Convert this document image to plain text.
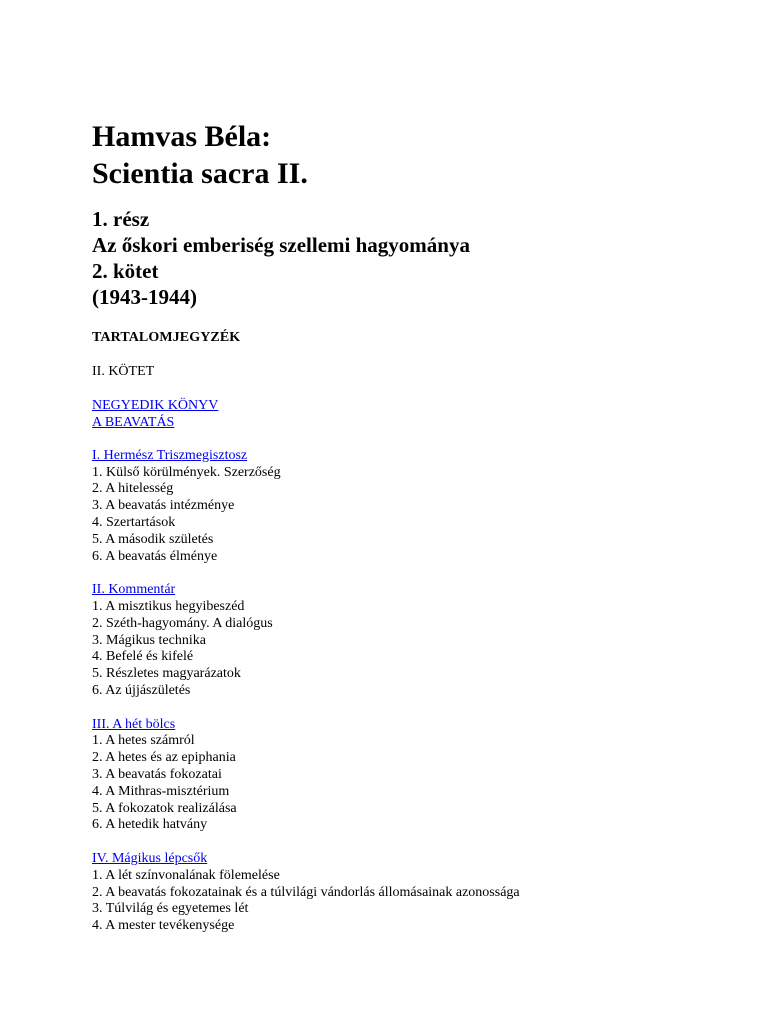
Hamvas Béla:
Scientia sacra II.
1. rész
Az őskori emberiség szellemi hagyománya
2. kötet
(1943-1944)
TARTALOMJEGYZÉK
II. KÖTET
NEGYEDIK KÖNYV
A BEAVATÁS
I. Hermész Triszmegisztosz
1. Külső körülmények. Szerzőség
2. A hitelesség
3. A beavatás intézménye
4. Szertartások
5. A második születés
6. A beavatás élménye
II. Kommentár
1. A misztikus hegyibeszéd
2. Széth-hagyomány. A dialógus
3. Mágikus technika
4. Befelé és kifelé
5. Részletes magyarázatok
6. Az újjászületés
III. A hét bölcs
1. A hetes számról
2. A hetes és az epiphania
3. A beavatás fokozatai
4. A Mithras-misztérium
5. A fokozatok realizálása
6. A hetedik hatvány
IV. Mágikus lépcsők
1. A lét színvonalának fölemelése
2. A beavatás fokozatainak és a túlvilági vándorlás állomásainak azonossága
3. Túlvilág és egyetemes lét
4. A mester tevékenysége
